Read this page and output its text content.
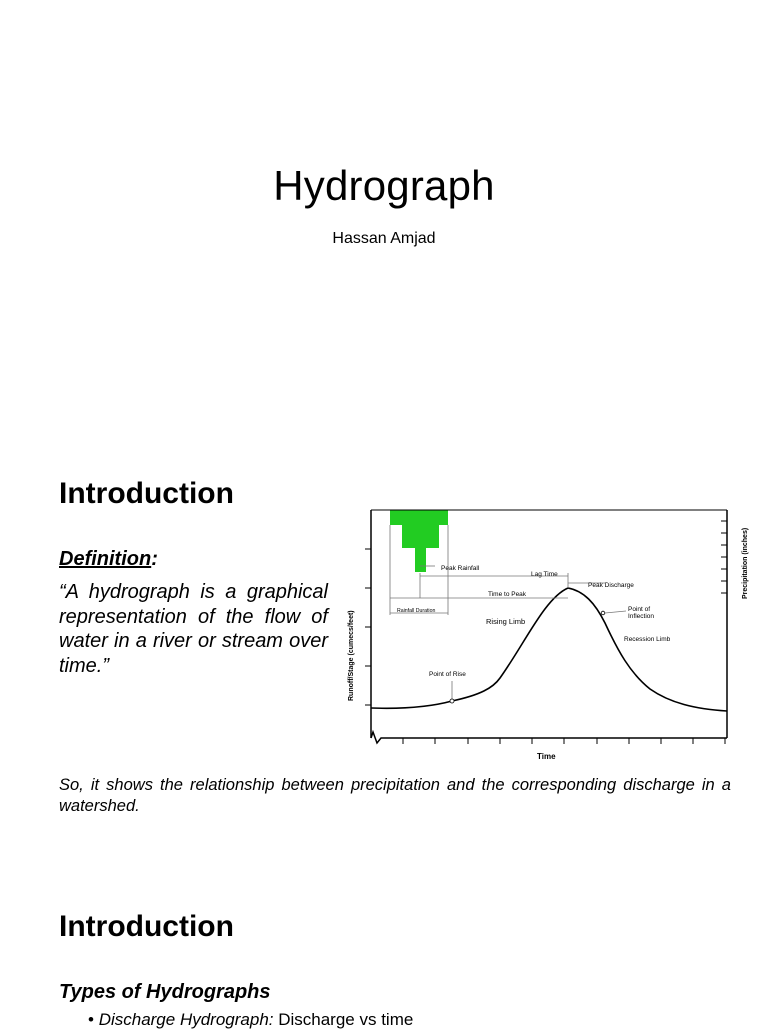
Hydrograph
Hassan Amjad
Introduction
Definition:
“A hydrograph is a graphical representation of the flow of water in a river or stream over time.”
Peak Rainfall
Lag Time
Peak Discharge
Time to Peak
Rainfall Duration	Point of
Inflection
Rising Limb
Recession Limb
Point of Rise
Time
Runoff/Stage (cumecs/feet)
Precipitation (inches)
So, it shows the relationship between precipitation and the corresponding discharge in a watershed.
Introduction
Types of Hydrographs
• Discharge Hydrograph: Discharge vs time
